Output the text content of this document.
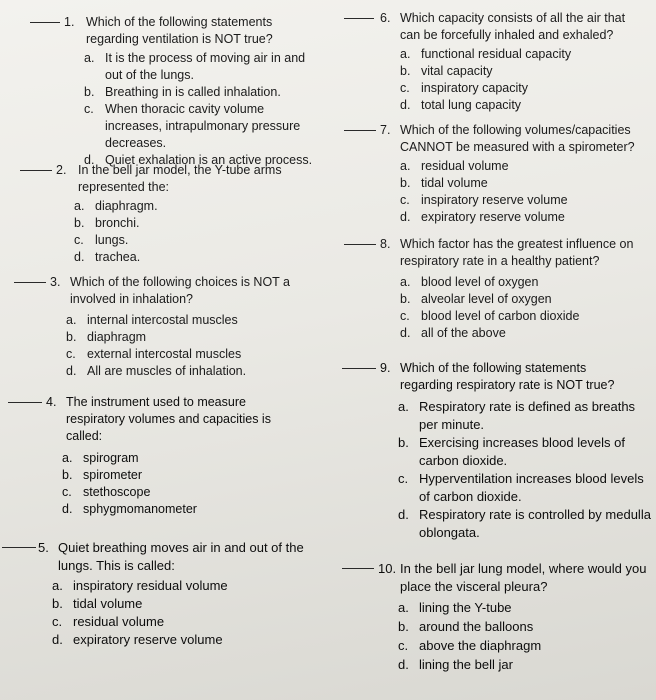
1. Which of the following statements regarding ventilation is NOT true?
a. It is the process of moving air in and out of the lungs.
b. Breathing in is called inhalation.
c. When thoracic cavity volume increases, intrapulmonary pressure decreases.
d. Quiet exhalation is an active process.
2. In the bell jar model, the Y-tube arms represented the:
a. diaphragm.
b. bronchi.
c. lungs.
d. trachea.
3. Which of the following choices is NOT a involved in inhalation?
a. internal intercostal muscles
b. diaphragm
c. external intercostal muscles
d. All are muscles of inhalation.
4. The instrument used to measure respiratory volumes and capacities is called:
a. spirogram
b. spirometer
c. stethoscope
d. sphygmomanometer
5. Quiet breathing moves air in and out of the lungs. This is called:
a. inspiratory residual volume
b. tidal volume
c. residual volume
d. expiratory reserve volume
6. Which capacity consists of all the air that can be forcefully inhaled and exhaled?
a. functional residual capacity
b. vital capacity
c. inspiratory capacity
d. total lung capacity
7. Which of the following volumes/capacities CANNOT be measured with a spirometer?
a. residual volume
b. tidal volume
c. inspiratory reserve volume
d. expiratory reserve volume
8. Which factor has the greatest influence on respiratory rate in a healthy patient?
a. blood level of oxygen
b. alveolar level of oxygen
c. blood level of carbon dioxide
d. all of the above
9. Which of the following statements regarding respiratory rate is NOT true?
a. Respiratory rate is defined as breaths per minute.
b. Exercising increases blood levels of carbon dioxide.
c. Hyperventilation increases blood levels of carbon dioxide.
d. Respiratory rate is controlled by medulla oblongata.
10. In the bell jar lung model, where would you place the visceral pleura?
a. lining the Y-tube
b. around the balloons
c. above the diaphragm
d. lining the bell jar
